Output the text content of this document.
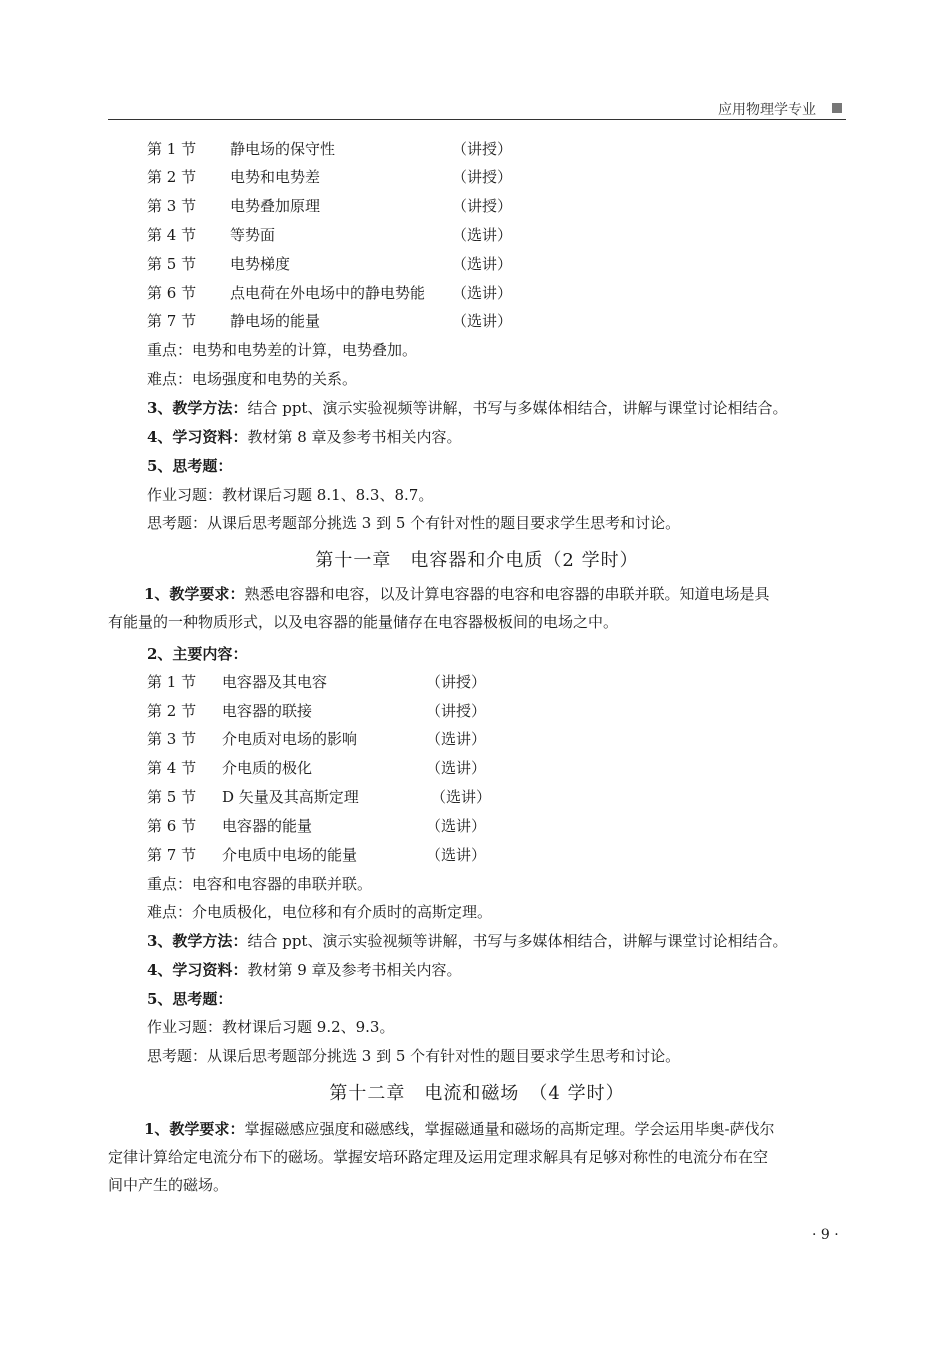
应用物理学专业
第 1 节 静电场的保守性	（讲授）
第 2 节 电势和电势差	（讲授）
第 3 节 电势叠加原理	（讲授）
第 4 节 等势面	（选讲）
第 5 节 电势梯度	（选讲）
第 6 节 点电荷在外电场中的静电势能 （选讲）
第 7 节 静电场的能量	（选讲）
重点：电势和电势差的计算，电势叠加。
难点：电场强度和电势的关系。
3、教学方法：结合 ppt、演示实验视频等讲解，书写与多媒体相结合，讲解与课堂讨论相结合。
4、学习资料：教材第 8 章及参考书相关内容。
5、思考题：
作业习题：教材课后习题 8.1、8.3、8.7。
思考题：从课后思考题部分挑选 3 到 5 个有针对性的题目要求学生思考和讨论。
第十一章　电容器和介电质（2 学时）
1、教学要求：熟悉电容器和电容，以及计算电容器的电容和电容器的串联并联。知道电场是具
有能量的一种物质形式，以及电容器的能量储存在电容器极板间的电场之中。
2、主要内容：
第 1 节 电容器及其电容	（讲授）
第 2 节 电容器的联接	（讲授）
第 3 节 介电质对电场的影响	（选讲）
第 4 节 介电质的极化	（选讲）
第 5 节 D 矢量及其高斯定理	（选讲）
第 6 节 电容器的能量	（选讲）
第 7 节 介电质中电场的能量	（选讲）
重点：电容和电容器的串联并联。
难点：介电质极化，电位移和有介质时的高斯定理。
3、教学方法：结合 ppt、演示实验视频等讲解，书写与多媒体相结合，讲解与课堂讨论相结合。
4、学习资料：教材第 9 章及参考书相关内容。
5、思考题：
作业习题：教材课后习题 9.2、9.3。
思考题：从课后思考题部分挑选 3 到 5 个有针对性的题目要求学生思考和讨论。
第十二章　电流和磁场　（4 学时）
1、教学要求：掌握磁感应强度和磁感线，掌握磁通量和磁场的高斯定理。学会运用毕奥-萨伐尔
定律计算给定电流分布下的磁场。掌握安培环路定理及运用定理求解具有足够对称性的电流分布在空
间中产生的磁场。
· 9 ·
